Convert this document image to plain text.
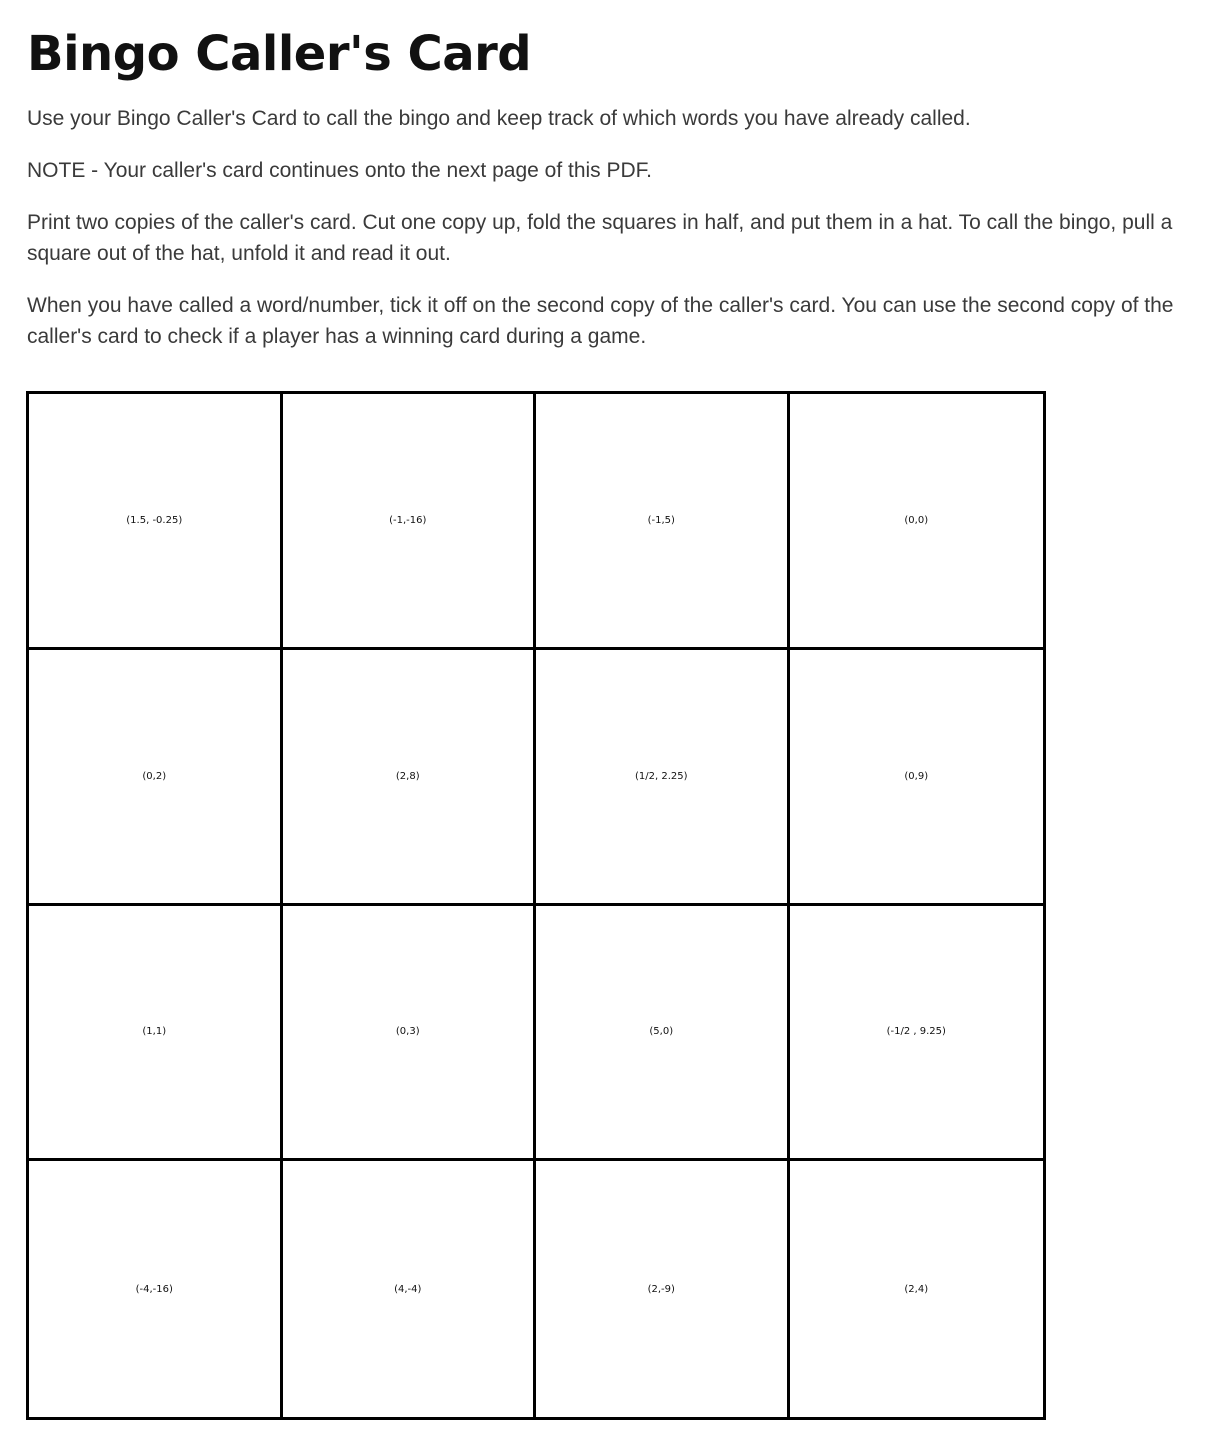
Bingo Caller's Card

Use your Bingo Caller's Card to call the bingo and keep track of which words you have already called.

NOTE - Your caller's card continues onto the next page of this PDF.

Print two copies of the caller's card. Cut one copy up, fold the squares in half, and put them in a hat. To call the bingo, pull a square out of the hat, unfold it and read it out.

When you have called a word/number, tick it off on the second copy of the caller's card. You can use the second copy of the caller's card to check if a player has a winning card during a game.

(1.5, -0.25)	(-1,-16)	(-1,5)	(0,0)
(0,2)	(2,8)	(1/2, 2.25)	(0,9)
(1,1)	(0,3)	(5,0)	(-1/2 , 9.25)
(-4,-16)	(4,-4)	(2,-9)	(2,4)
